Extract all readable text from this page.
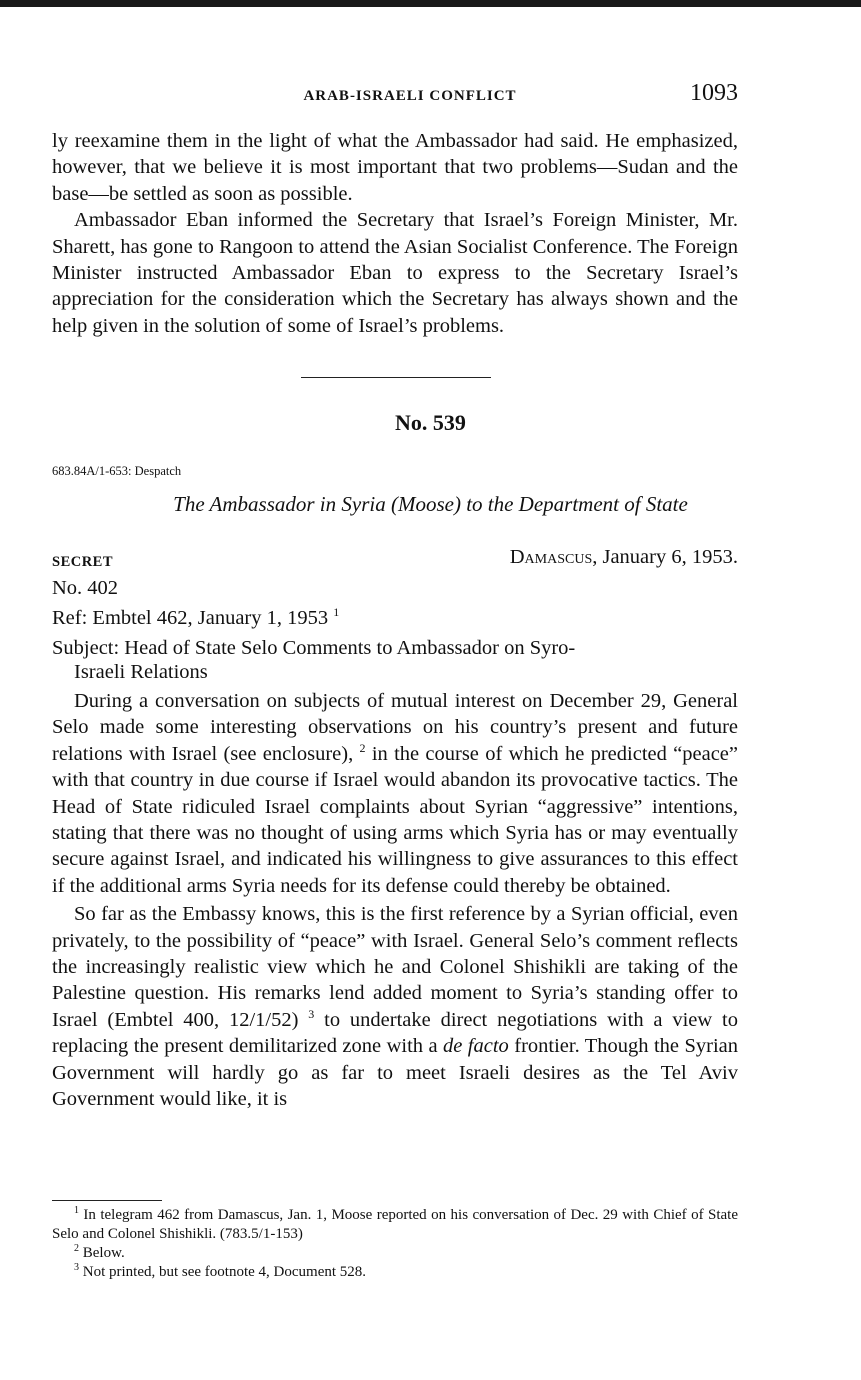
ARAB-ISRAELI CONFLICT	1093

ly reexamine them in the light of what the Ambassador had said. He emphasized, however, that we believe it is most important that two problems—Sudan and the base—be settled as soon as possible.

Ambassador Eban informed the Secretary that Israel’s Foreign Minister, Mr. Sharett, has gone to Rangoon to attend the Asian Socialist Conference. The Foreign Minister instructed Ambassador Eban to express to the Secretary Israel’s appreciation for the consideration which the Secretary has always shown and the help given in the solution of some of Israel’s problems.

No. 539
683.84A/1-653: Despatch
The Ambassador in Syria (Moose) to the Department of State
SECRET	Damascus, January 6, 1953.
No. 402
Ref: Embtel 462, January 1, 1953 $^1$
Subject: Head of State Selo Comments to Ambassador on Syro-
Israeli Relations

During a conversation on subjects of mutual interest on December 29, General Selo made some interesting observations on his country’s present and future relations with Israel (see enclosure), $^2$ in the course of which he predicted “peace” with that country in due course if Israel would abandon its provocative tactics. The Head of State ridiculed Israel complaints about Syrian “aggressive” intentions, stating that there was no thought of using arms which Syria has or may eventually secure against Israel, and indicated his willingness to give assurances to this effect if the additional arms Syria needs for its defense could thereby be obtained.

So far as the Embassy knows, this is the first reference by a Syrian official, even privately, to the possibility of “peace” with Israel. General Selo’s comment reflects the increasingly realistic view which he and Colonel Shishikli are taking of the Palestine question. His remarks lend added moment to Syria’s standing offer to Israel (Embtel 400, 12/1/52) $^3$ to undertake direct negotiations with a view to replacing the present demilitarized zone with a de facto frontier. Though the Syrian Government will hardly go as far to meet Israeli desires as the Tel Aviv Government would like, it is

$^1$ In telegram 462 from Damascus, Jan. 1, Moose reported on his conversation of Dec. 29 with Chief of State Selo and Colonel Shishikli. (783.5/1-153)

$^2$ Below.

$^3$ Not printed, but see footnote 4, Document 528.
